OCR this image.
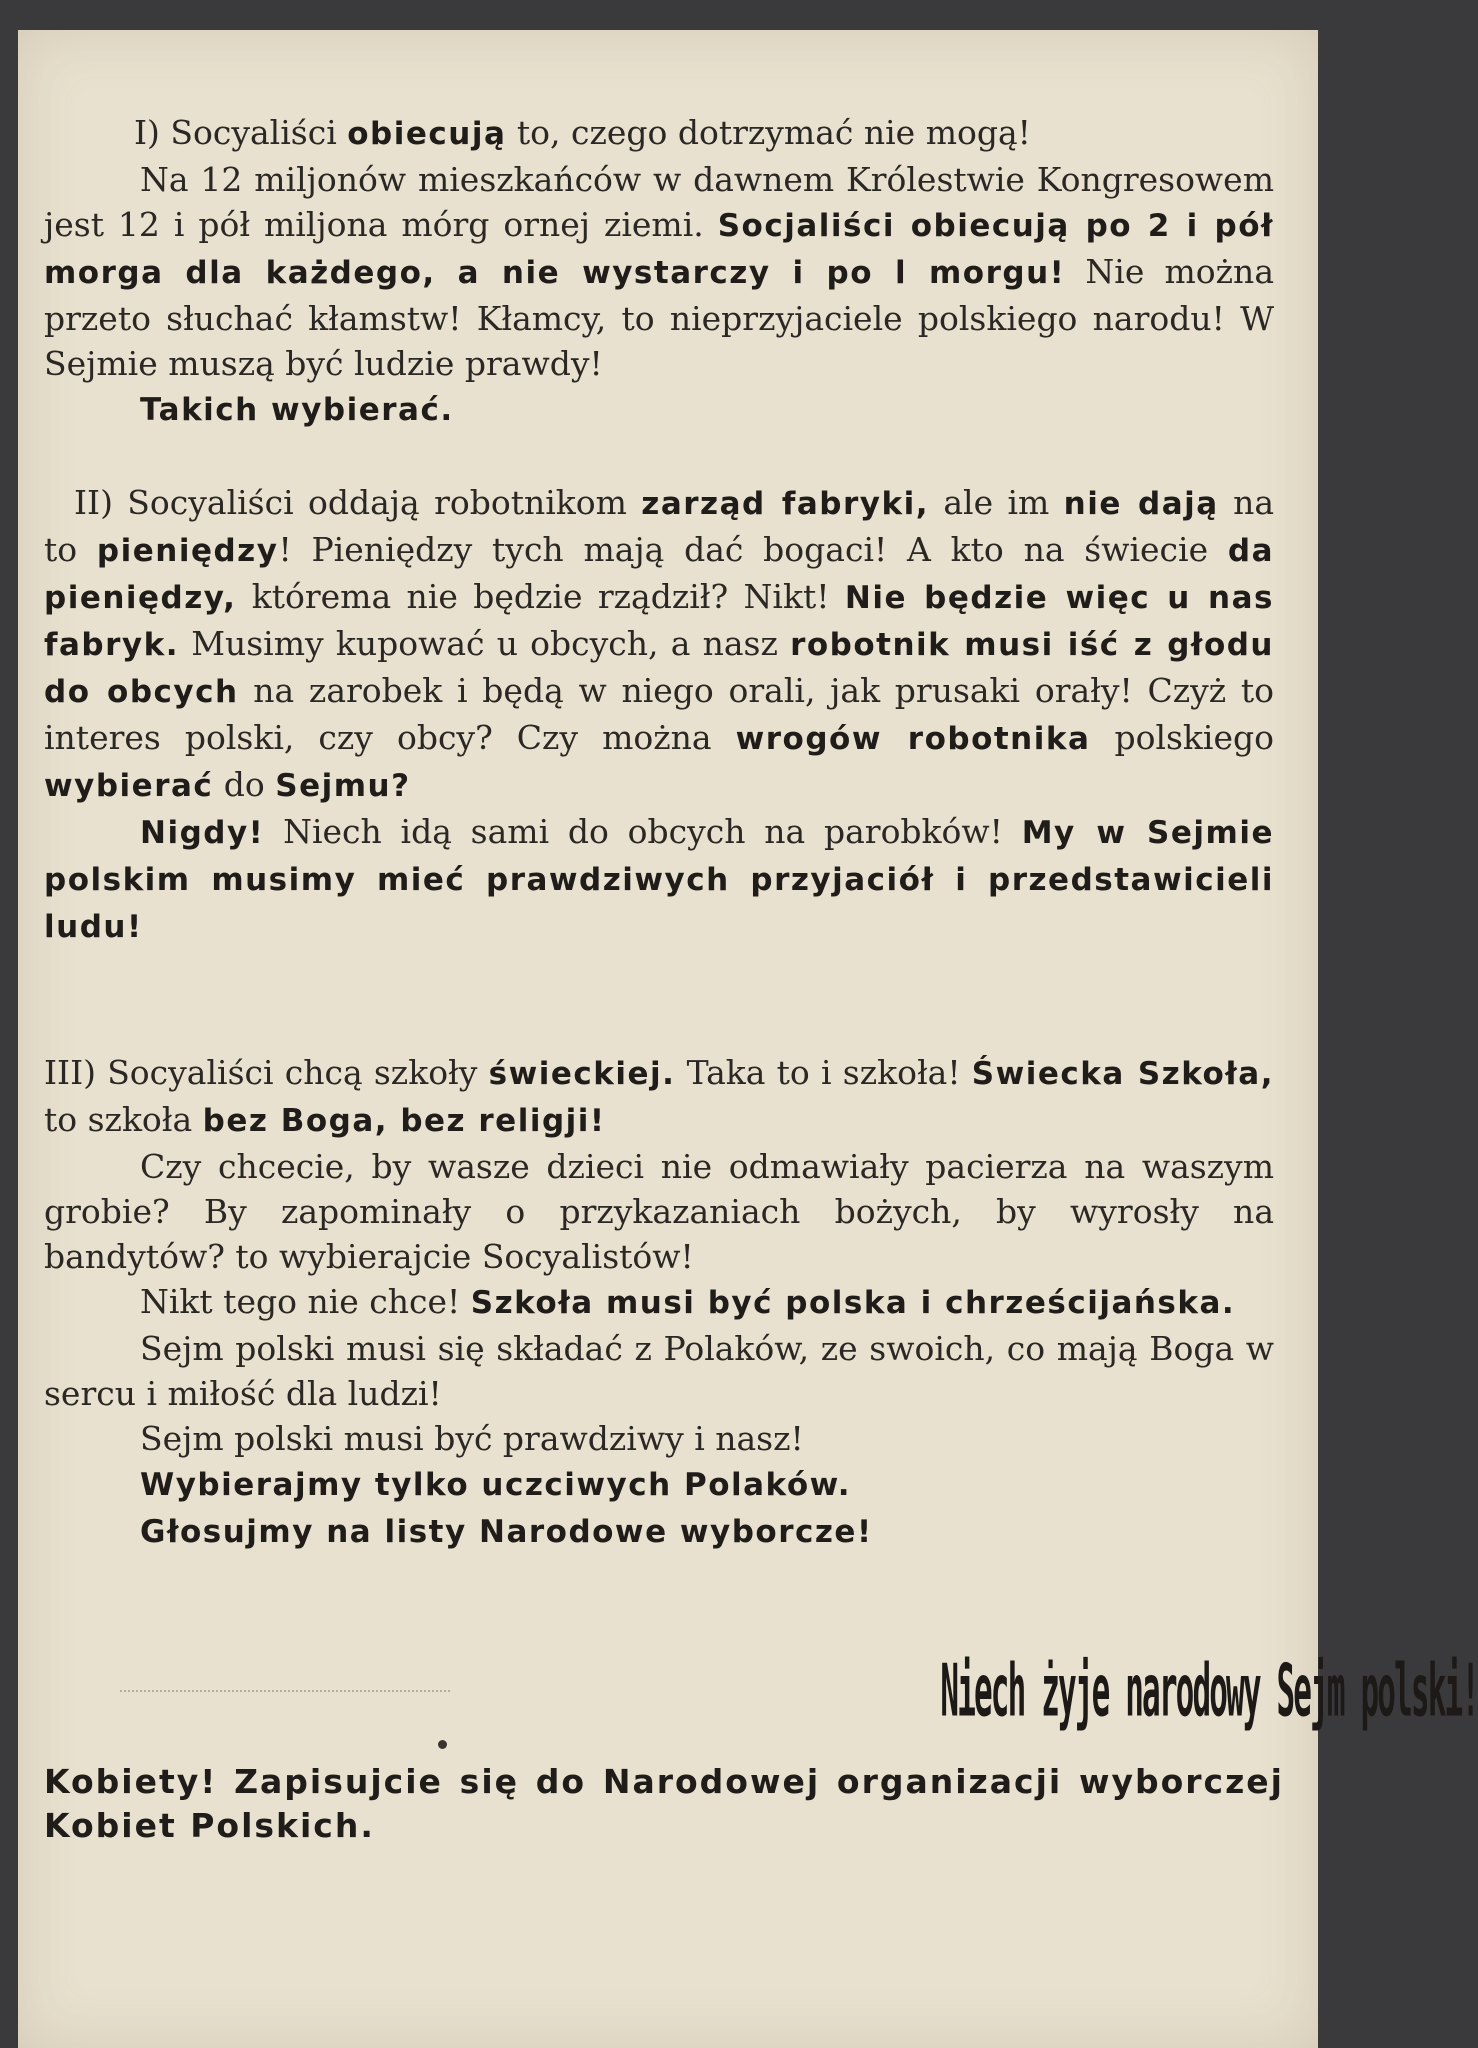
I) Socyaliści obiecują to, czego dotrzymać nie mogą!
Na 12 miljonów mieszkańców w dawnem Królestwie Kongresowem jest 12 i pół miljona mórg ornej ziemi. Socjaliści obiecują po 2 i pół morga dla każdego, a nie wystarczy i po l morgu! Nie można przeto słuchać kłamstw! Kłamcy, to nieprzyjaciele polskiego narodu! W Sejmie muszą być ludzie prawdy!
Takich wybierać.
II) Socyaliści oddają robotnikom zarząd fabryki, ale im nie dają na to pieniędzy! Pieniędzy tych mają dać bogaci! A kto na świecie da pieniędzy, którema nie będzie rządził? Nikt! Nie będzie więc u nas fabryk. Musimy kupować u obcych, a nasz robotnik musi iść z głodu do obcych na zarobek i będą w niego orali, jak prusaki orały! Czyż to interes polski, czy obcy? Czy można wrogów robotnika polskiego wybierać do Sejmu?
Nigdy! Niech idą sami do obcych na parobków! My w Sejmie polskim musimy mieć prawdziwych przyjaciół i przedstawicieli ludu!
III) Socyaliści chcą szkoły świeckiej. Taka to i szkoła! Świecka Szkoła, to szkoła bez Boga, bez religji!
Czy chcecie, by wasze dzieci nie odmawiały pacierza na waszym grobie? By zapominały o przykazaniach bożych, by wyrosły na bandytów? to wybierajcie Socyalistów!
Nikt tego nie chce! Szkoła musi być polska i chrześcijańska.
Sejm polski musi się składać z Polaków, ze swoich, co mają Boga w sercu i miłość dla ludzi!
Sejm polski musi być prawdziwy i nasz!
Wybierajmy tylko uczciwych Polaków.
Głosujmy na listy Narodowe wyborcze!
Niech żyje narodowy Sejm polski!
Kobiety! Zapisujcie się do Narodowej organizacji wyborczej Kobiet Polskich.
